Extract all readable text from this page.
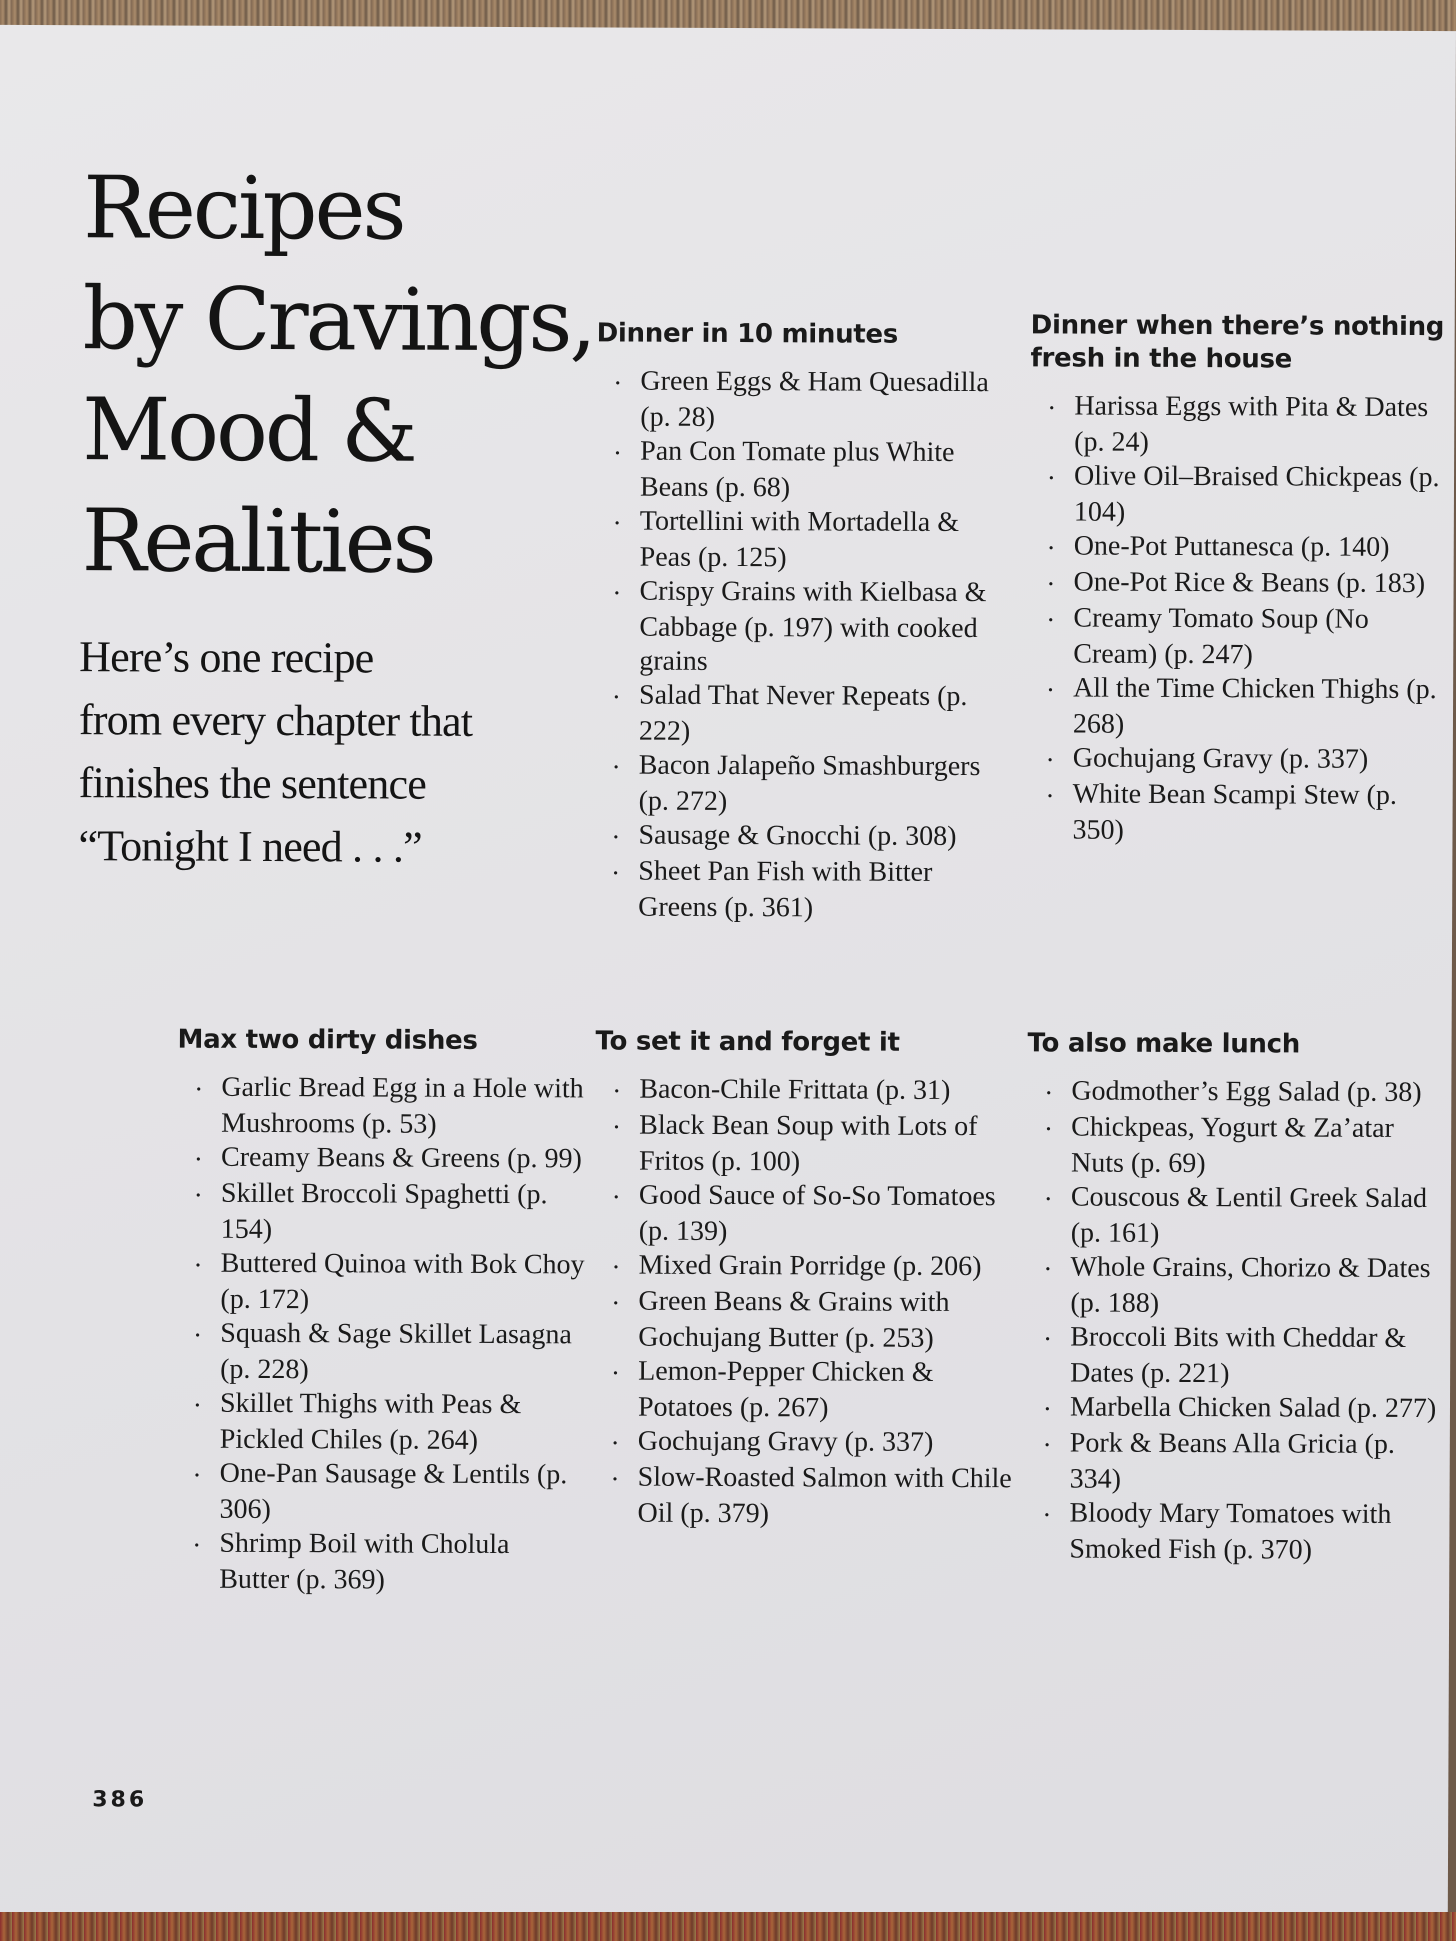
Recipes
by Cravings,
Mood &
Realities
Here’s one recipe
from every chapter that
finishes the sentence
“Tonight I need . . .”
Dinner in 10 minutes
· Green Eggs & Ham Quesadilla (p. 28)
· Pan Con Tomate plus White Beans (p. 68)
· Tortellini with Mortadella & Peas (p. 125)
· Crispy Grains with Kielbasa & Cabbage (p. 197) with cooked grains
· Salad That Never Repeats (p. 222)
· Bacon Jalapeño Smashburgers (p. 272)
· Sausage & Gnocchi (p. 308)
· Sheet Pan Fish with Bitter Greens (p. 361)
Dinner when there’s nothing fresh in the house
· Harissa Eggs with Pita & Dates (p. 24)
· Olive Oil–Braised Chickpeas (p. 104)
· One-Pot Puttanesca (p. 140)
· One-Pot Rice & Beans (p. 183)
· Creamy Tomato Soup (No Cream) (p. 247)
· All the Time Chicken Thighs (p. 268)
· Gochujang Gravy (p. 337)
· White Bean Scampi Stew (p. 350)
Max two dirty dishes
· Garlic Bread Egg in a Hole with Mushrooms (p. 53)
· Creamy Beans & Greens (p. 99)
· Skillet Broccoli Spaghetti (p. 154)
· Buttered Quinoa with Bok Choy (p. 172)
· Squash & Sage Skillet Lasagna (p. 228)
· Skillet Thighs with Peas & Pickled Chiles (p. 264)
· One-Pan Sausage & Lentils (p. 306)
· Shrimp Boil with Cholula Butter (p. 369)
To set it and forget it
· Bacon-Chile Frittata (p. 31)
· Black Bean Soup with Lots of Fritos (p. 100)
· Good Sauce of So-So Tomatoes (p. 139)
· Mixed Grain Porridge (p. 206)
· Green Beans & Grains with Gochujang Butter (p. 253)
· Lemon-Pepper Chicken & Potatoes (p. 267)
· Gochujang Gravy (p. 337)
· Slow-Roasted Salmon with Chile Oil (p. 379)
To also make lunch
· Godmother’s Egg Salad (p. 38)
· Chickpeas, Yogurt & Za’atar Nuts (p. 69)
· Couscous & Lentil Greek Salad (p. 161)
· Whole Grains, Chorizo & Dates (p. 188)
· Broccoli Bits with Cheddar & Dates (p. 221)
· Marbella Chicken Salad (p. 277)
· Pork & Beans Alla Gricia (p. 334)
· Bloody Mary Tomatoes with Smoked Fish (p. 370)
386
